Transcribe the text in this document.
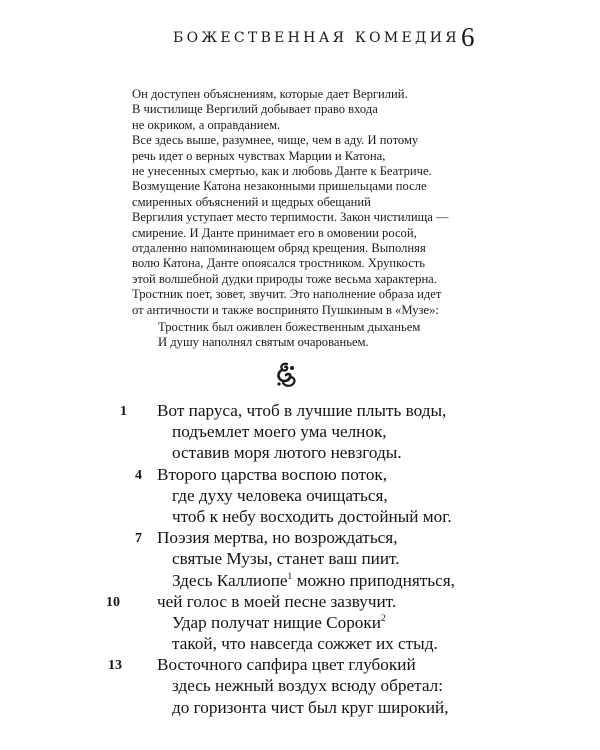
БОЖЕСТВЕННАЯ КОМЕДИЯ 6

Он доступен объяснениям, которые дает Вергилий.

В чистилище Вергилий добывает право входа

не окриком, а оправданием.

Все здесь выше, разумнее, чище, чем в аду. И потому

речь идет о верных чувствах Марции и Катона,

не унесенных смертью, как и любовь Данте к Беатриче.

Возмущение Катона незаконными пришельцами после

смиренных объяснений и щедрых обещаний

Вергилия уступает место терпимости. Закон чистилища —

смирение. И Данте принимает его в омовении росой,

отдаленно напоминающем обряд крещения. Выполняя

волю Катона, Данте опоясался тростником. Хрупкость

этой волшебной дудки природы тоже весьма характерна.

Тростник поет, зовет, звучит. Это наполнение образа идет

от античности и также воспринято Пушкиным в «Музе»:

Тростник был оживлен божественным дыханьем

И душу наполнял святым очарованьем.

1	Вот паруса, чтоб в лучшие плыть воды,
подъемлет моего ума челнок,
оставив моря лютого невзгоды.
4 Второго царства воспою поток,
где духу человека очищаться,
чтоб к небу восходить достойный мог.
7 Поэзия мертва, но возрождаться,
святые Музы, станет ваш пиит.
Здесь Каллиопе$^1$ можно приподняться,
10	чей голос в моей песне зазвучит.
Удар получат нищие Сороки$^2$
такой, что навсегда сожжет их стыд.
13	Восточного сапфира цвет глубокий
здесь нежный воздух всюду обретал:
до горизонта чист был круг широкий,
